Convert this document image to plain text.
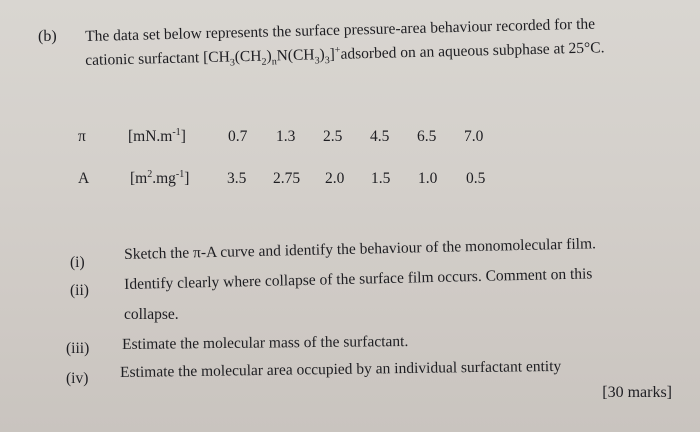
(b) The data set below represents the surface pressure-area behaviour recorded for the
cationic surfactant $[CH_3(CH_2)_nN(CH_3)_3]^+adsorbed$ on an aqueous subphase at 25°C.
π	$[mN.m^{-1}]$	0.7 1.3 2.5 4.5 6.5 7.0
A	$[m^2.mg^{-1}]$ 3.5 2.75 2.0 1.5 1.0 0.5
(i)	Sketch the π-A curve and identify the behaviour of the monomolecular film.
(ii) Identify clearly where collapse of the surface film occurs. Comment on this
collapse.
(iii) Estimate the molecular mass of the surfactant.
(iv) Estimate the molecular area occupied by an individual surfactant entity
[30 marks]
